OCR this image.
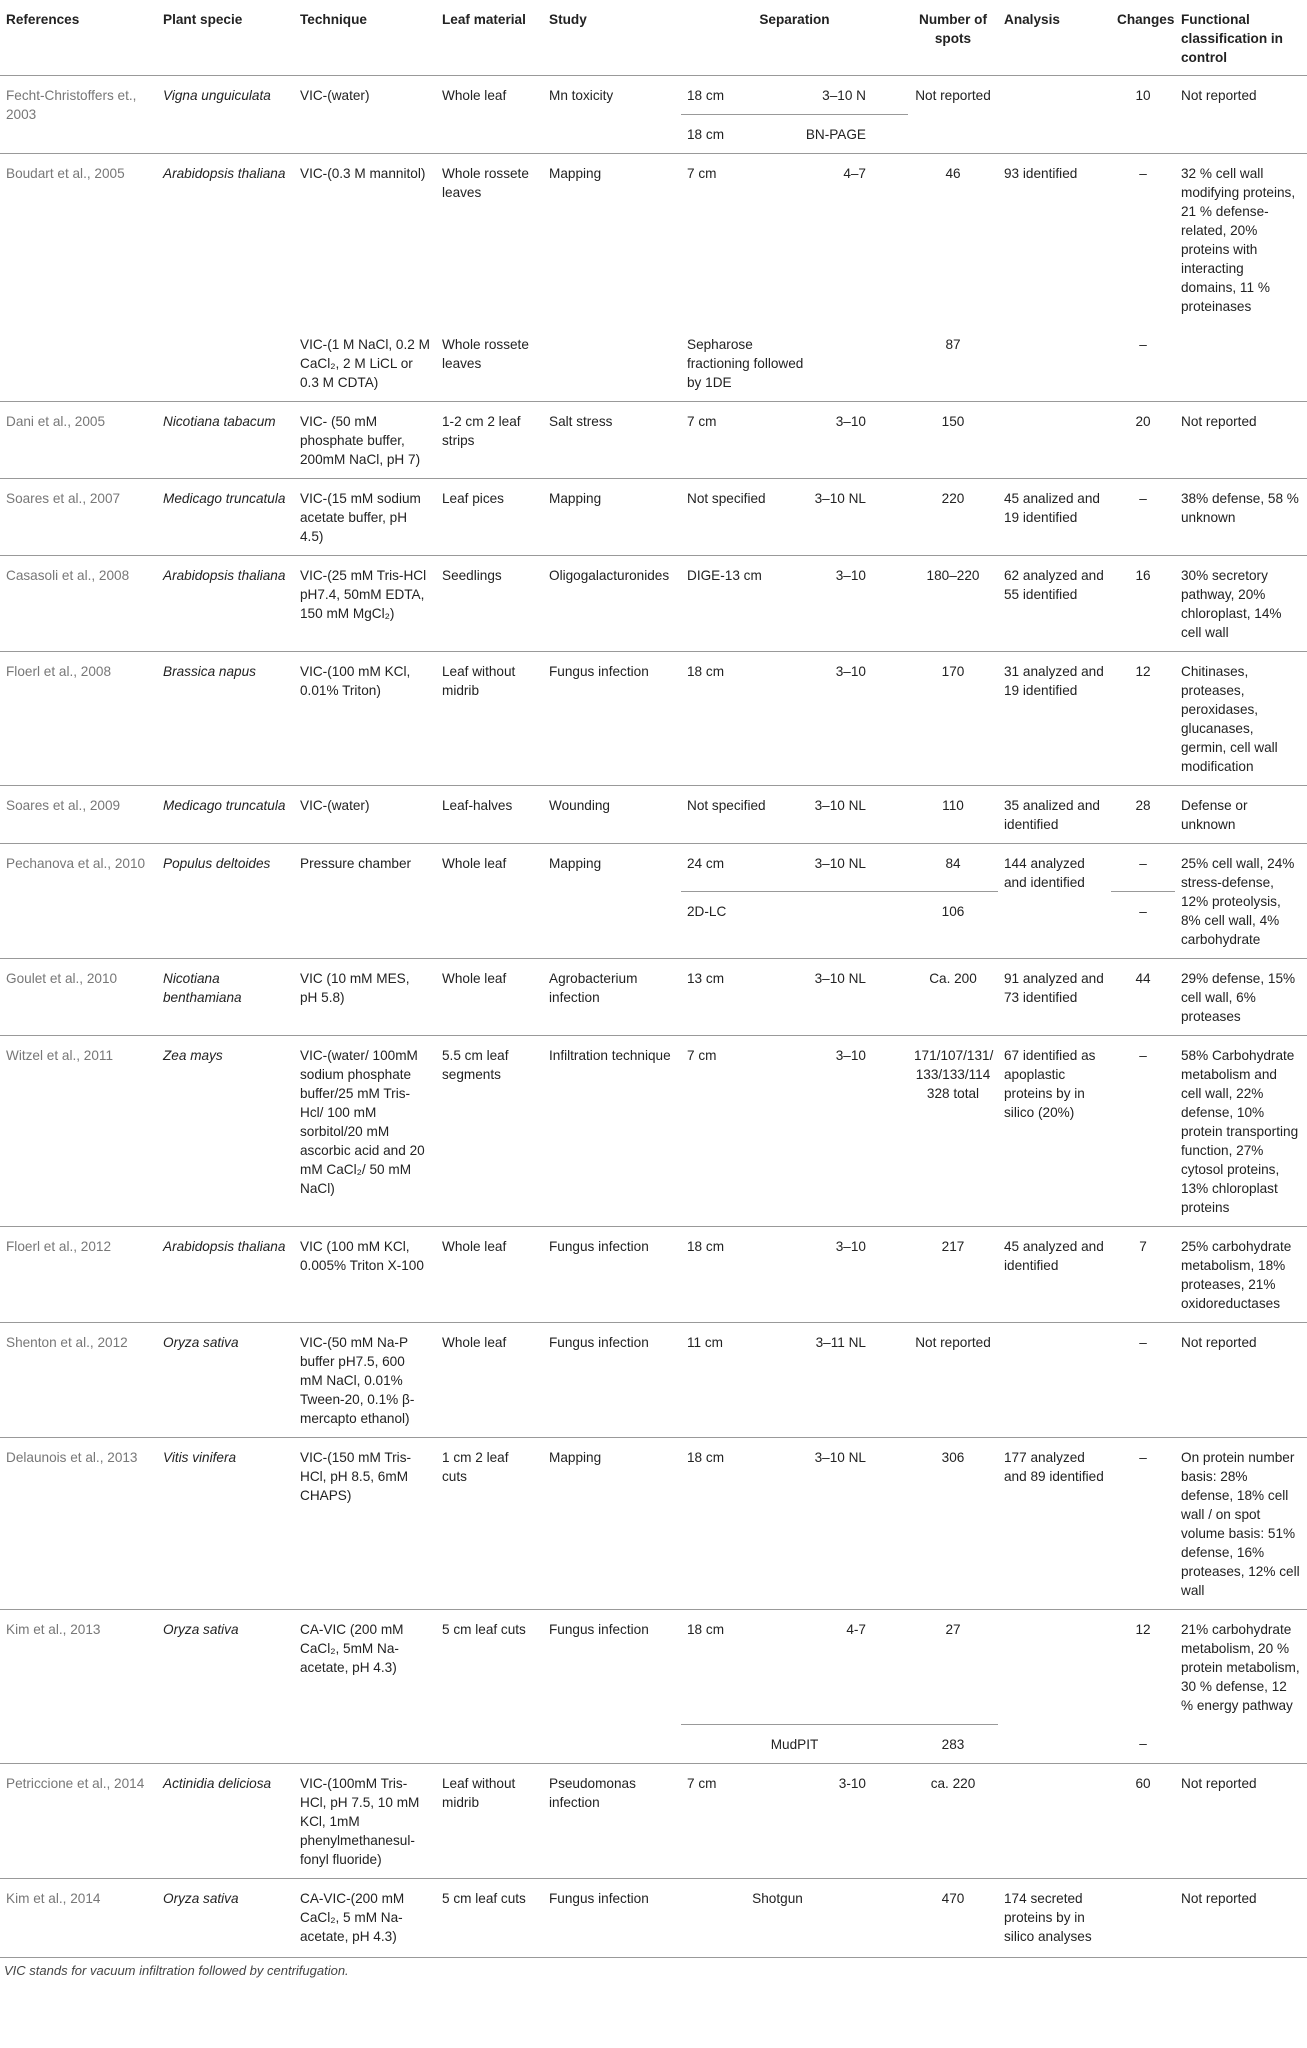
References	Plant specie	Technique	Leaf material	Study	Separation	Number of spots	Analysis	Changes	Functional classification in control
Fecht-Christoffers et., 2003	Vigna unguiculata	VIC-(water)	Whole leaf	Mn toxicity	18 cm 3–10 N	Not reported		10	Not reported

					18 cm BN-PAGE				

Boudart et al., 2005	Arabidopsis thaliana	VIC-(0.3 M mannitol)	Whole rossete leaves	Mapping	7 cm 4–7	46	93 identified	–	32 % cell wall modifying proteins, 21 % defense-related, 20% proteins with interacting domains, 11 % proteinases
		VIC-(1 M NaCl, 0.2 M CaCl₂, 2 M LiCL or 0.3 M CDTA)	Whole rossete leaves		Sepharose fractioning followed by 1DE	87		–	
Dani et al., 2005	Nicotiana tabacum	VIC- (50 mM phosphate buffer, 200mM NaCl, pH 7)	1-2 cm 2 leaf strips	Salt stress	7 cm 3–10	150		20	Not reported
Soares et al., 2007	Medicago truncatula	VIC-(15 mM sodium acetate buffer, pH 4.5)	Leaf pices	Mapping	Not specified 3–10 NL	220	45 analized and 19 identified	–	38% defense, 58 % unknown
Casasoli et al., 2008	Arabidopsis thaliana	VIC-(25 mM Tris-HCl pH7.4, 50mM EDTA, 150 mM MgCl₂)	Seedlings	Oligogalacturonides	DIGE-13 cm 3–10	180–220	62 analyzed and 55 identified	16	30% secretory pathway, 20% chloroplast, 14% cell wall
Floerl et al., 2008	Brassica napus	VIC-(100 mM KCl, 0.01% Triton)	Leaf without midrib	Fungus infection	18 cm 3–10	170	31 analyzed and 19 identified	12	Chitinases, proteases, peroxidases, glucanases, germin, cell wall modification
Soares et al., 2009	Medicago truncatula	VIC-(water)	Leaf-halves	Wounding	Not specified 3–10 NL	110	35 analized and identified	28	Defense or unknown
Pechanova et al., 2010	Populus deltoides	Pressure chamber	Whole leaf	Mapping	24 cm 3–10 NL	84	144 analyzed and identified	–	25% cell wall, 24% stress-defense, 12% proteolysis, 8% cell wall, 4% carbohydrate
					2D-LC	106		–	
Goulet et al., 2010	Nicotiana benthamiana	VIC (10 mM MES, pH 5.8)	Whole leaf	Agrobacterium infection	13 cm 3–10 NL	Ca. 200	91 analyzed and 73 identified	44	29% defense, 15% cell wall, 6% proteases
Witzel et al., 2011	Zea mays	VIC-(water/ 100mM sodium phosphate buffer/25 mM Tris-Hcl/ 100 mM sorbitol/20 mM ascorbic acid and 20 mM CaCl₂/ 50 mM NaCl)	5.5 cm leaf segments	Infiltration technique	7 cm 3–10	171/107/131/ 133/133/114 328 total	67 identified as apoplastic proteins by in silico (20%)	–	58% Carbohydrate metabolism and cell wall, 22% defense, 10% protein transporting function, 27% cytosol proteins, 13% chloroplast proteins
Floerl et al., 2012	Arabidopsis thaliana	VIC (100 mM KCl, 0.005% Triton X-100	Whole leaf	Fungus infection	18 cm 3–10	217	45 analyzed and identified	7	25% carbohydrate metabolism, 18% proteases, 21% oxidoreductases
Shenton et al., 2012	Oryza sativa	VIC-(50 mM Na-P buffer pH7.5, 600 mM NaCl, 0.01% Tween-20, 0.1% β-mercapto ethanol)	Whole leaf	Fungus infection	11 cm 3–11 NL	Not reported		–	Not reported
Delaunois et al., 2013	Vitis vinifera	VIC-(150 mM Tris-HCl, pH 8.5, 6mM CHAPS)	1 cm 2 leaf cuts	Mapping	18 cm 3–10 NL	306	177 analyzed and 89 identified	–	On protein number basis: 28% defense, 18% cell wall / on spot volume basis: 51% defense, 16% proteases, 12% cell wall
Kim et al., 2013	Oryza sativa	CA-VIC (200 mM CaCl₂, 5mM Na-acetate, pH 4.3)	5 cm leaf cuts	Fungus infection	18 cm 4-7	27		12	21% carbohydrate metabolism, 20 % protein metabolism, 30 % defense, 12 % energy pathway
					MudPIT	283		–	
Petriccione et al., 2014	Actinidia deliciosa	VIC-(100mM Tris-HCl, pH 7.5, 10 mM KCl, 1mM phenylmethanesul-fonyl fluoride)	Leaf without midrib	Pseudomonas infection	7 cm 3-10	ca. 220		60	Not reported
Kim et al., 2014	Oryza sativa	CA-VIC-(200 mM CaCl₂, 5 mM Na-acetate, pH 4.3)	5 cm leaf cuts	Fungus infection	Shotgun	470	174 secreted proteins by in silico analyses		Not reported
VIC stands for vacuum infiltration followed by centrifugation.
